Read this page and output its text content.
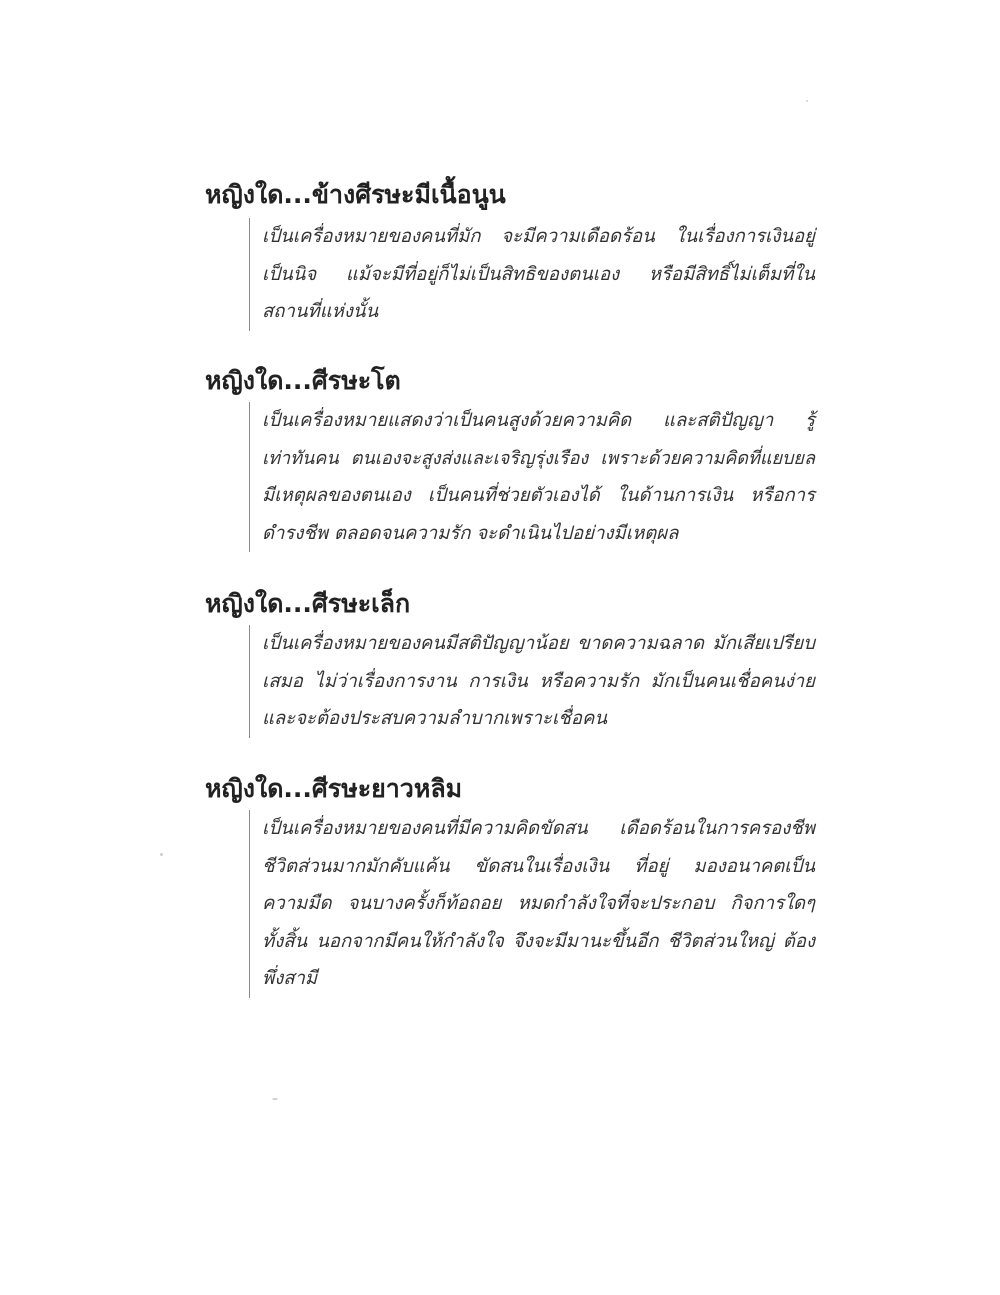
หญิงใด...ข้างศีรษะมีเนื้อนูน
เป็นเครื่องหมายของคนที่มัก จะมีความเดือดร้อน ในเรื่องการเงินอยู่
เป็นนิจ แม้จะมีที่อยู่ก็ไม่เป็นสิทธิของตนเอง หรือมีสิทธิ์ไม่เต็มที่ใน
สถานที่แห่งนั้น
หญิงใด...ศีรษะโต
เป็นเครื่องหมายแสดงว่าเป็นคนสูงด้วยความคิด และสติปัญญา รู้
เท่าทันคน ตนเองจะสูงส่งและเจริญรุ่งเรือง เพราะด้วยความคิดที่แยบยล
มีเหตุผลของตนเอง เป็นคนที่ช่วยตัวเองได้ ในด้านการเงิน หรือการ
ดำรงชีพ ตลอดจนความรัก จะดำเนินไปอย่างมีเหตุผล
หญิงใด...ศีรษะเล็ก
เป็นเครื่องหมายของคนมีสติปัญญาน้อย ขาดความฉลาด มักเสียเปรียบ
เสมอ ไม่ว่าเรื่องการงาน การเงิน หรือความรัก มักเป็นคนเชื่อคนง่าย
และจะต้องประสบความลำบากเพราะเชื่อคน
หญิงใด...ศีรษะยาวหลิม
เป็นเครื่องหมายของคนที่มีความคิดขัดสน เดือดร้อนในการครองชีพ
ชีวิตส่วนมากมักคับแค้น ขัดสนในเรื่องเงิน ที่อยู่ มองอนาคตเป็น
ความมืด จนบางครั้งก็ท้อถอย หมดกำลังใจที่จะประกอบ กิจการใดๆ
ทั้งสิ้น นอกจากมีคนให้กำลังใจ จึงจะมีมานะขึ้นอีก ชีวิตส่วนใหญ่ ต้อง
พึ่งสามี
